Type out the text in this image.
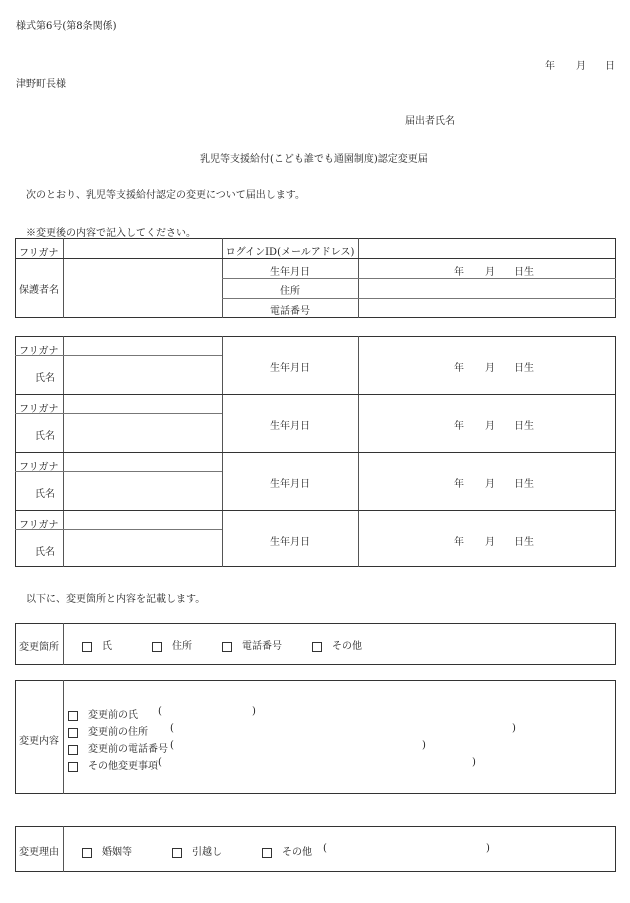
様式第6号(第8条関係)
年 月 日
津野町長様
届出者氏名
乳児等支援給付(こども誰でも通園制度)認定変更届
次のとおり、乳児等支援給付認定の変更について届出します。
※変更後の内容で記入してください。
フリガナ	ログインID(メールアドレス)
保護者名
生年月日	年 月 日生
住所
電話番号
フリガナ
氏名
生年月日	年 月 日生
フリガナ
氏名
生年月日	年 月 日生
フリガナ
氏名
生年月日	年 月 日生
フリガナ
氏名
生年月日	年 月 日生
以下に、変更箇所と内容を記載します。
変更箇所	氏	住所	電話番号	その他
変更内容
変更前の氏 (	)
変更前の住所 (	)
変更前の電話番号 (	)
その他変更事項 (	)
変更理由	婚姻等	引越し	その他 (	)
